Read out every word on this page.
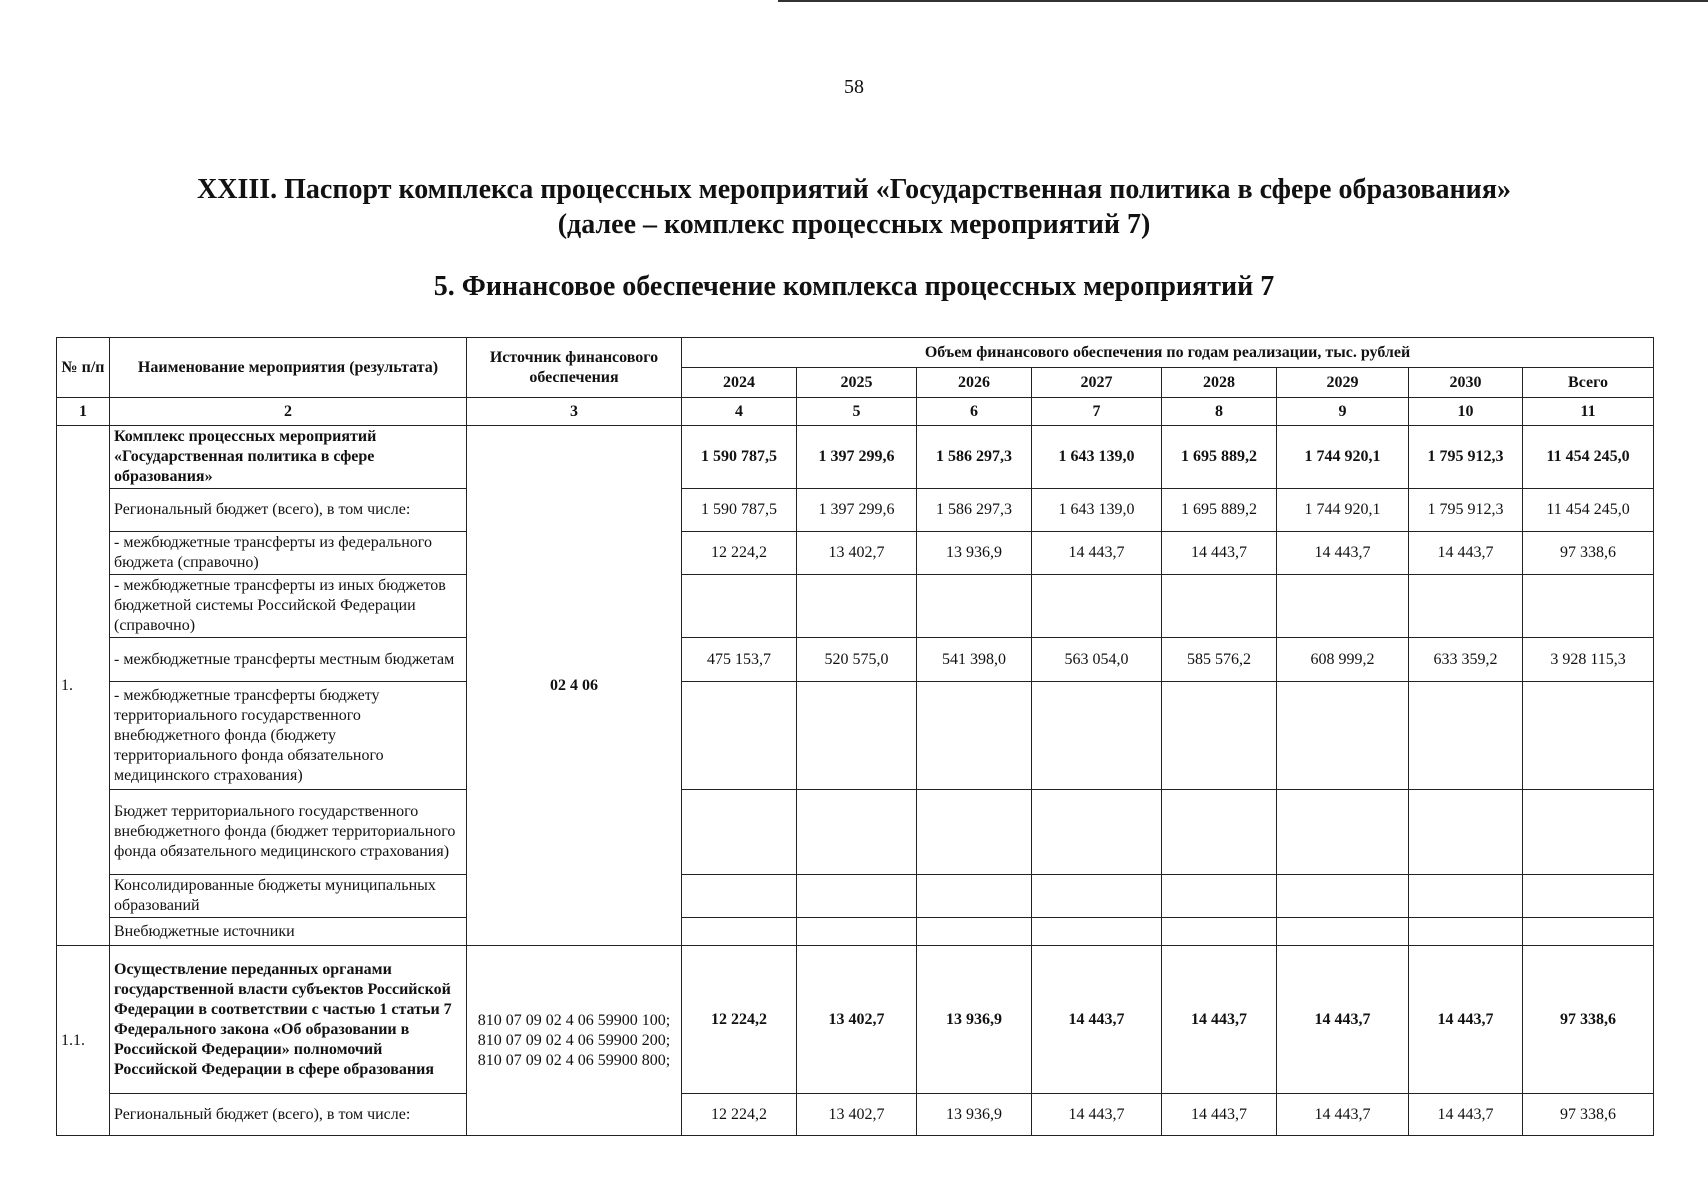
58
XXIII. Паспорт комплекса процессных мероприятий «Государственная политика в сфере образования»
(далее – комплекс процессных мероприятий 7)
5. Финансовое обеспечение комплекса процессных мероприятий 7
№ п/п	Наименование мероприятия (результата)	Источник финансового обеспечения	Объем финансового обеспечения по годам реализации, тыс. рублей							
			2024	2025	2026	2027	2028	2029	2030	Всего
1	2	3	4	5	6	7	8	9	10	11
1.	Комплекс процессных мероприятий «Государственная политика в сфере образования»	02 4 06	1 590 787,5	1 397 299,6	1 586 297,3	1 643 139,0	1 695 889,2	1 744 920,1	1 795 912,3	11 454 245,0
	Региональный бюджет (всего), в том числе:		1 590 787,5	1 397 299,6	1 586 297,3	1 643 139,0	1 695 889,2	1 744 920,1	1 795 912,3	11 454 245,0
	- межбюджетные трансферты из федерального бюджета (справочно)		12 224,2	13 402,7	13 936,9	14 443,7	14 443,7	14 443,7	14 443,7	97 338,6
	- межбюджетные трансферты из иных бюджетов бюджетной системы Российской Федерации (справочно)									
	- межбюджетные трансферты местным бюджетам		475 153,7	520 575,0	541 398,0	563 054,0	585 576,2	608 999,2	633 359,2	3 928 115,3
	- межбюджетные трансферты бюджету территориального государственного внебюджетного фонда (бюджету территориального фонда обязательного медицинского страхования)									
	Бюджет территориального государственного внебюджетного фонда (бюджет территориального фонда обязательного медицинского страхования)									
	Консолидированные бюджеты муниципальных образований									
	Внебюджетные источники									
1.1.	Осуществление переданных органами государственной власти субъектов Российской Федерации в соответствии с частью 1 статьи 7 Федерального закона «Об образовании в Российской Федерации» полномочий Российской Федерации в сфере образования	810 07 09 02 4 06 59900 100; 810 07 09 02 4 06 59900 200; 810 07 09 02 4 06 59900 800;	12 224,2	13 402,7	13 936,9	14 443,7	14 443,7	14 443,7	14 443,7	97 338,6
	Региональный бюджет (всего), в том числе:		12 224,2	13 402,7	13 936,9	14 443,7	14 443,7	14 443,7	14 443,7	97 338,6
